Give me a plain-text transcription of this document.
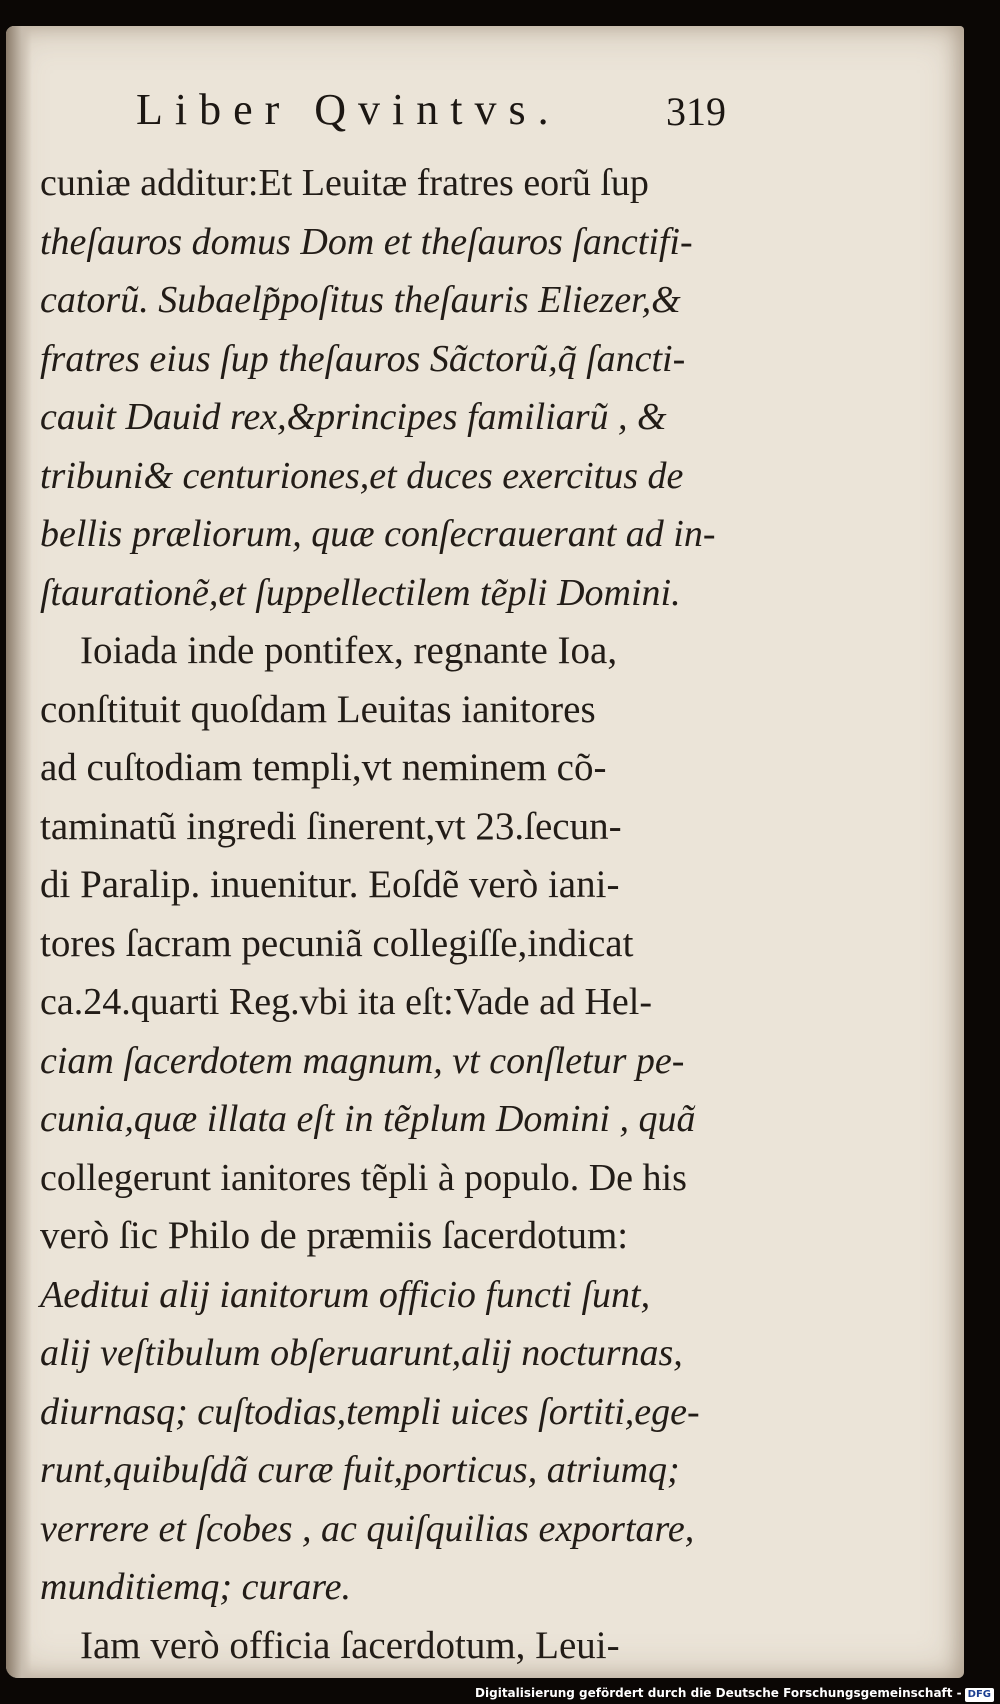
Liber Qvintvs.	319
cuniæ additur:Et Leuitæ fratres eorũ ſup
theſauros domus Dom et theſauros ſanctifi-
catorũ. Subaelp̃poſitus theſauris Eliezer,&
fratres eius ſup theſauros Sãctorũ,q̃ ſancti-
cauit Dauid rex,&principes familiarũ , &
tribuni& centuriones,et duces exercitus de
bellis præliorum, quæ conſecrauerant ad in-
ſtaurationẽ,et ſuppellectilem tẽpli Domini.
Ioiada inde pontifex, regnante Ioa,
conſtituit quoſdam Leuitas ianitores
ad cuſtodiam templi,vt neminem cõ-
taminatũ ingredi ſinerent,vt 23.ſecun-
di Paralip. inuenitur. Eoſdẽ verò iani-
tores ſacram pecuniã collegiſſe,indicat
ca.24.quarti Reg.vbi ita eſt:Vade ad Hel-
ciam ſacerdotem magnum, vt conſletur pe-
cunia,quæ illata eſt in tẽplum Domini , quã
collegerunt ianitores tẽpli à populo. De his
verò ſic Philo de præmiis ſacerdotum:
Aeditui alij ianitorum officio functi ſunt,
alij veſtibulum obſeruarunt,alij nocturnas,
diurnasq; cuſtodias,templi uices ſortiti,ege-
runt,quibuſdã curæ fuit,porticus, atriumq;
verrere et ſcobes , ac quiſquilias exportare,
munditiemq; curare.
Iam verò officia ſacerdotum, Leui-
Digitalisierung gefördert durch die Deutsche Forschungsgemeinschaft - DFG
